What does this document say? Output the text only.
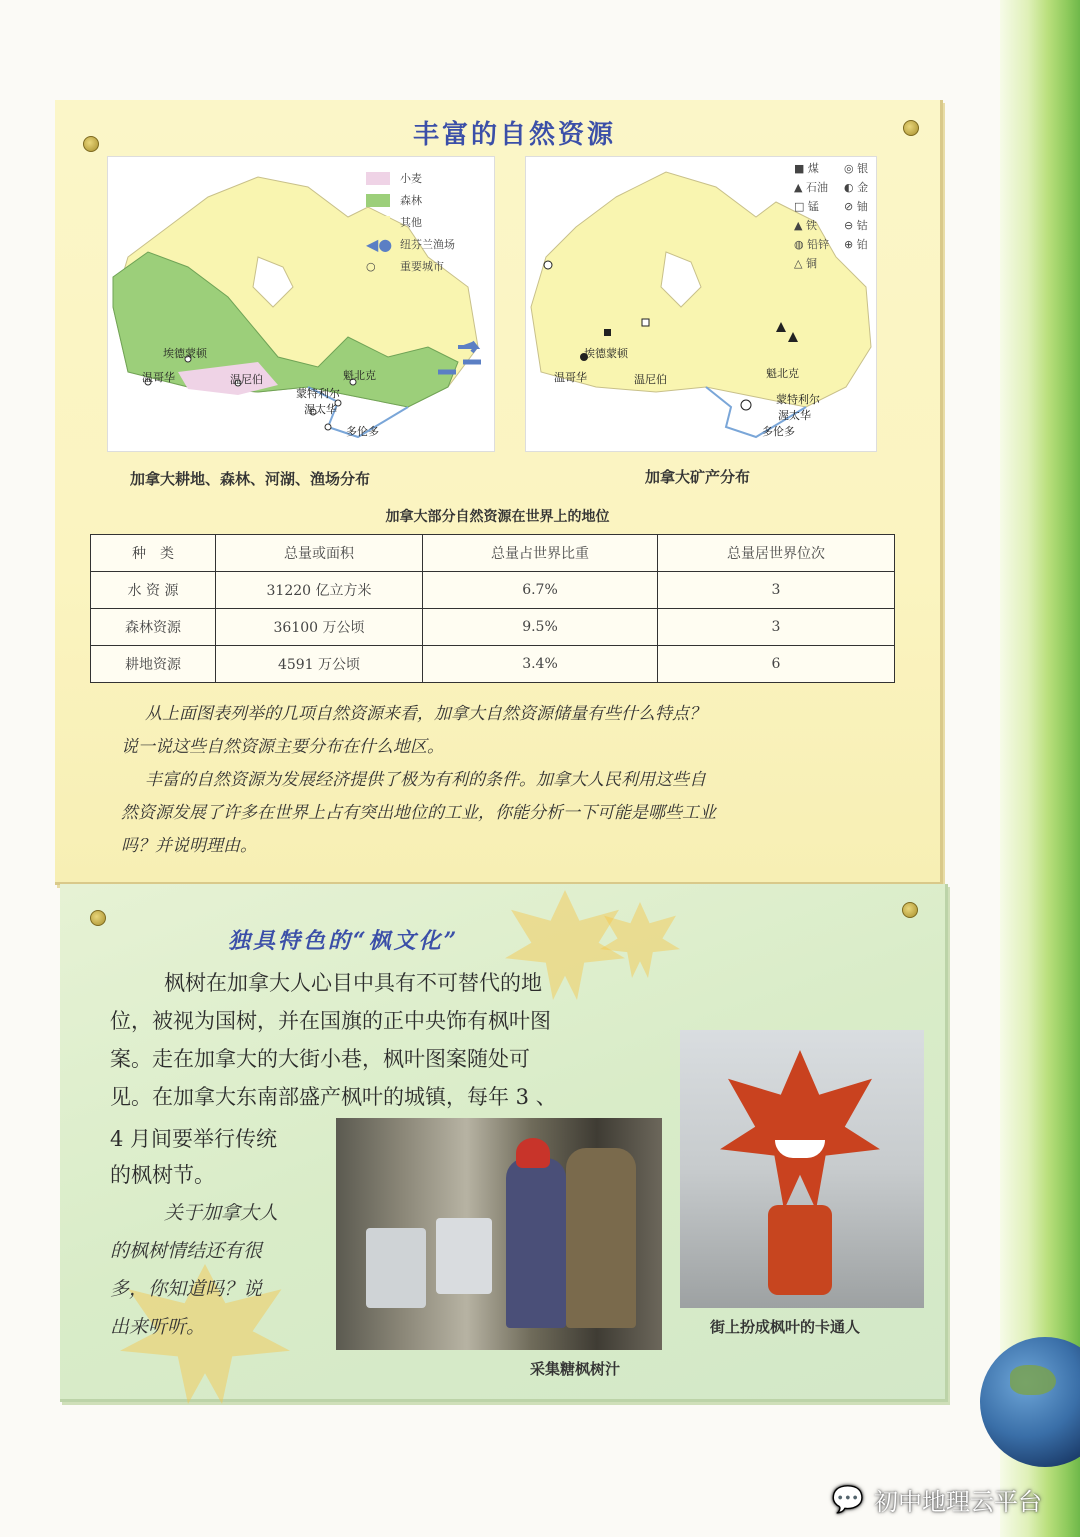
丰富的自然资源
埃德蒙顿
温哥华	温尼伯	魁北克
蒙特利尔
渥太华
多伦多
小麦
森林
其他
◀● 纽芬兰渔场
○	重要城市
加拿大耕地、森林、河湖、渔场分布
埃德蒙顿
温哥华	温尼伯	魁北克
蒙特利尔
渥太华
多伦多
■ 煤
▲ 石油
□ 锰
▲ 铁
◍ 铅锌
△ 铜
◎ 银
◐ 金
⊘ 铀
⊖ 钴
⊕ 铂
加拿大矿产分布
加拿大部分自然资源在世界上的地位
种　类	总量或面积	总量占世界比重	总量居世界位次
水 资 源	31220 亿立方米	6.7%	3
森林资源	36100 万公顷	9.5%	3
耕地资源	4591 万公顷	3.4%	6
从上面图表列举的几项自然资源来看，加拿大自然资源储量有些什么特点？
说一说这些自然资源主要分布在什么地区。
丰富的自然资源为发展经济提供了极为有利的条件。加拿大人民利用这些自
然资源发展了许多在世界上占有突出地位的工业，你能分析一下可能是哪些工业
吗？并说明理由。
独具特色的“枫文化”
枫树在加拿大人心目中具有不可替代的地
位，被视为国树，并在国旗的正中央饰有枫叶图
案。走在加拿大的大街小巷，枫叶图案随处可
见。在加拿大东南部盛产枫叶的城镇，每年 3 、
4 月间要举行传统
的枫树节。
关于加拿大人
的枫树情结还有很
多，你知道吗？说
出来听听。
采集糖枫树汁
街上扮成枫叶的卡通人
💬 初中地理云平台
